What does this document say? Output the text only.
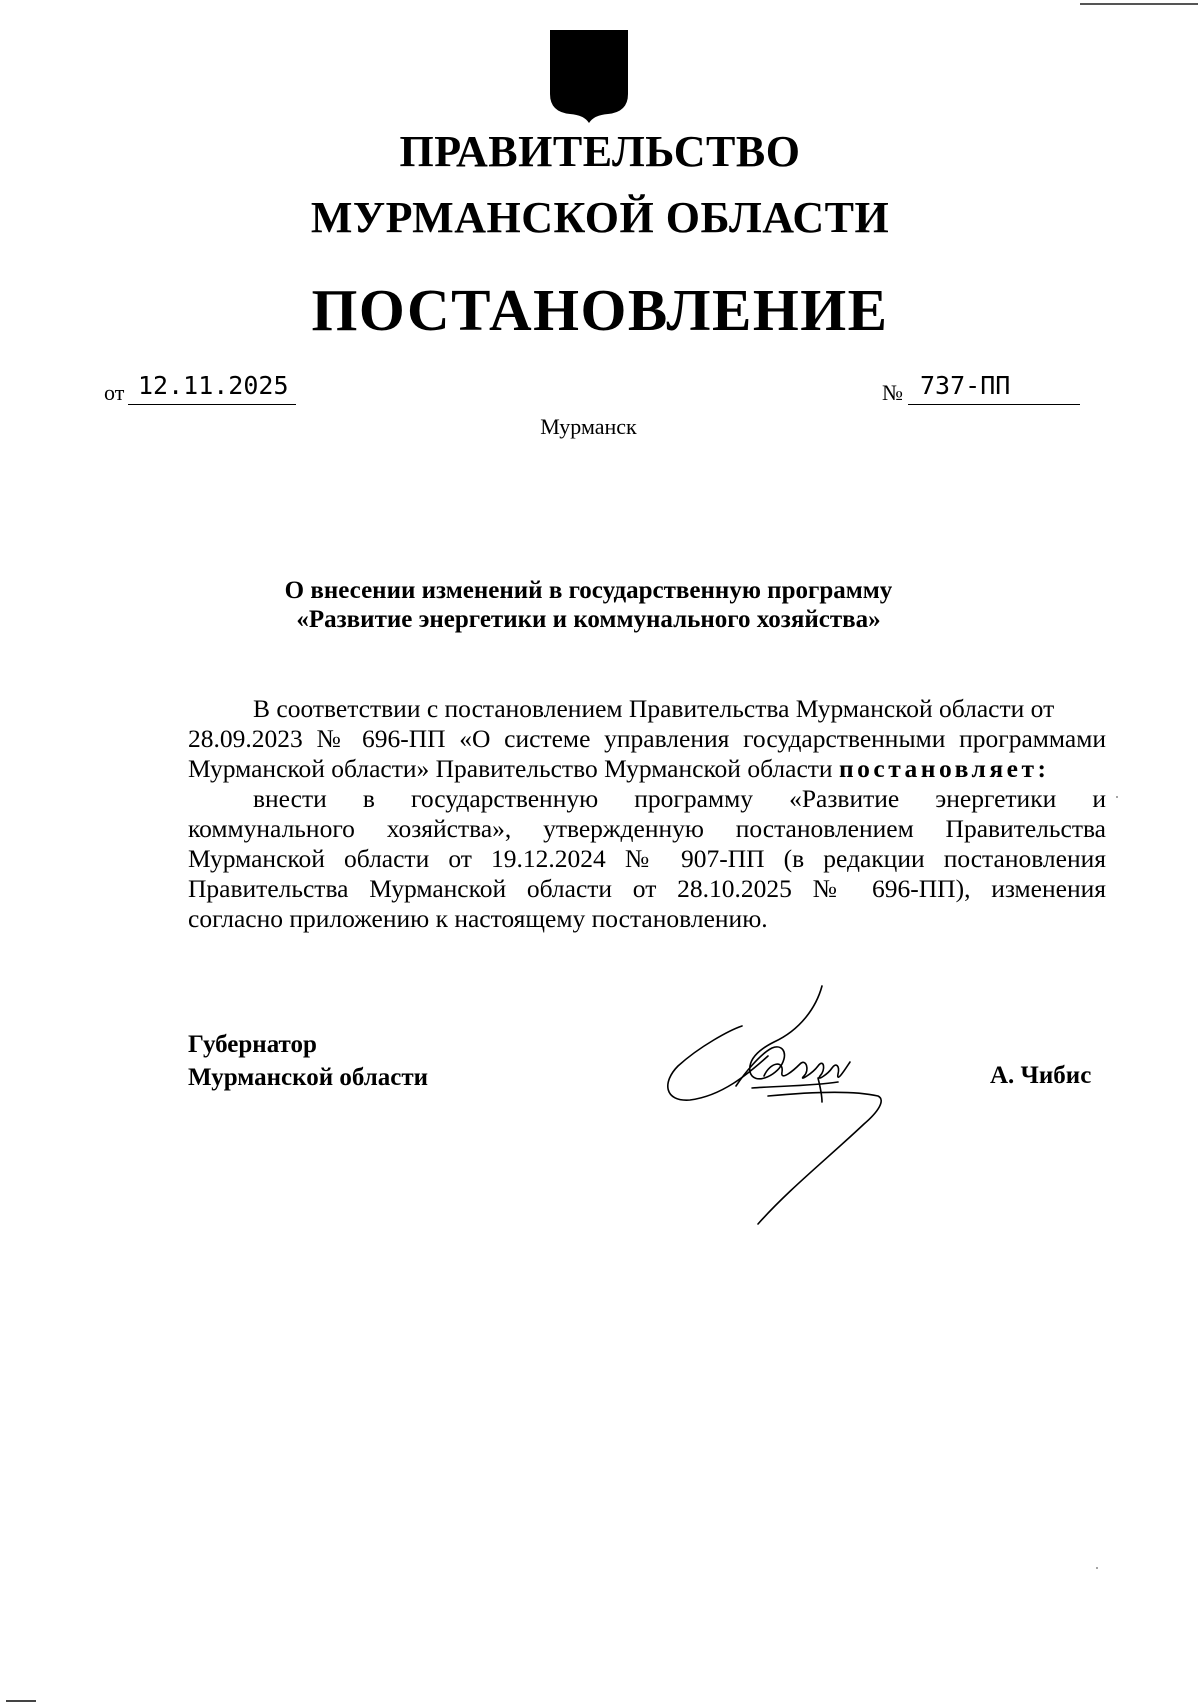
ПРАВИТЕЛЬСТВО
МУРМАНСКОЙ ОБЛАСТИ
ПОСТАНОВЛЕНИЕ
от 12.11.2025	№ 737-ПП
Мурманск
О внесении изменений в государственную программу
«Развитие энергетики и коммунального хозяйства»
В соответствии с постановлением Правительства Мурманской области от
28.09.2023 № 696-ПП «О системе управления государственными программами
Мурманской области» Правительство Мурманской области постановляет:
внести в государственную программу «Развитие энергетики и
коммунального хозяйства», утвержденную постановлением Правительства
Мурманской области от 19.12.2024 № 907-ПП (в редакции постановления
Правительства Мурманской области от 28.10.2025 № 696-ПП), изменения
согласно приложению к настоящему постановлению.
Губернатор
Мурманской области	А. Чибис
